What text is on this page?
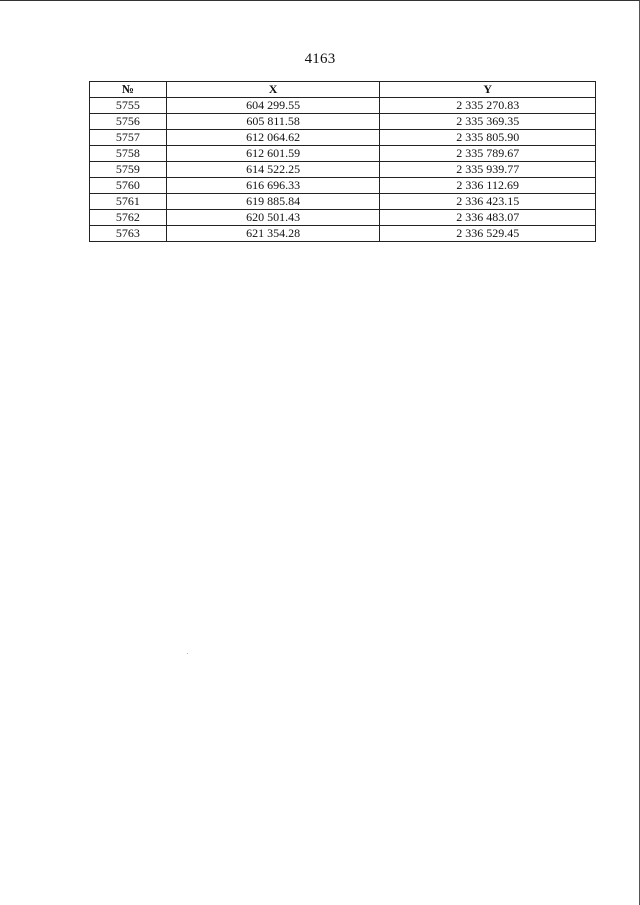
4163
№	X	Y
5755	604 299.55	2 335 270.83
5756	605 811.58	2 335 369.35
5757	612 064.62	2 335 805.90
5758	612 601.59	2 335 789.67
5759	614 522.25	2 335 939.77
5760	616 696.33	2 336 112.69
5761	619 885.84	2 336 423.15
5762	620 501.43	2 336 483.07
5763	621 354.28	2 336 529.45
